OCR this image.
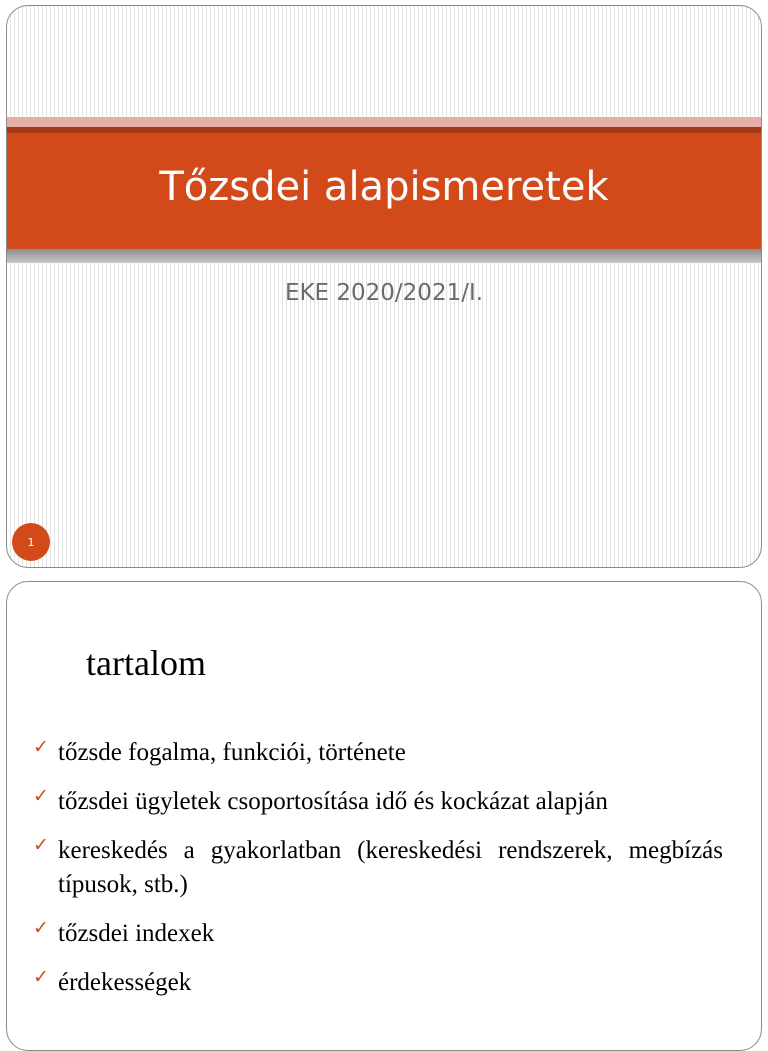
Tőzsdei alapismeretek
EKE 2020/2021/I.
1
tartalom
✓ tőzsde fogalma, funkciói, története
✓ tőzsdei ügyletek csoportosítása idő és kockázat alapján
✓ kereskedés a gyakorlatban (kereskedési rendszerek, megbízás típusok, stb.)
✓ tőzsdei indexek
✓ érdekességek
